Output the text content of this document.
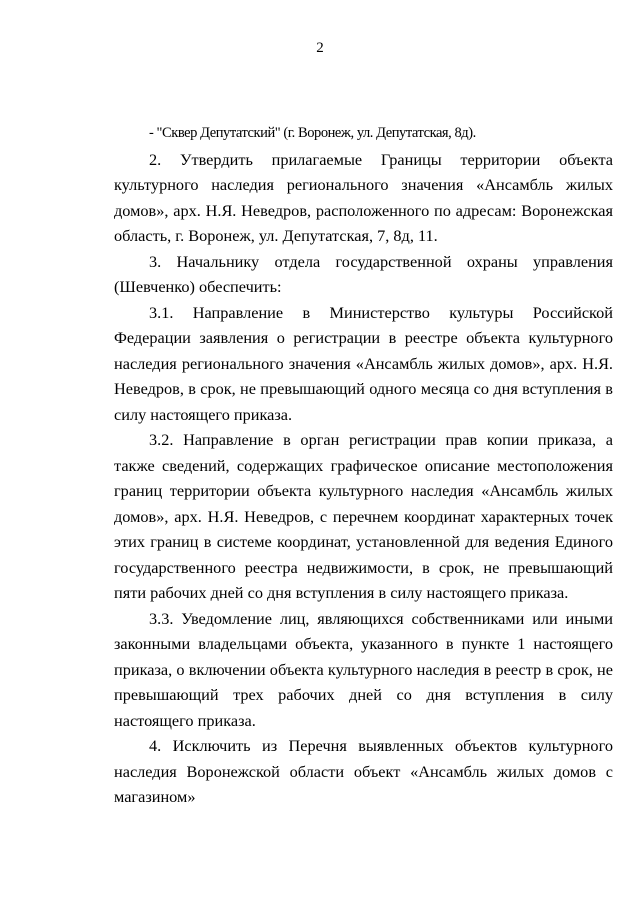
2

- "Сквер Депутатский" (г. Воронеж, ул. Депутатская, 8д).

2. Утвердить прилагаемые Границы территории объекта культурного наследия регионального значения «Ансамбль жилых домов», арх. Н.Я. Неведров, расположенного по адресам: Воронежская область, г. Воронеж, ул. Депутатская, 7, 8д, 11.

3. Начальнику отдела государственной охраны управления (Шевченко) обеспечить:

3.1. Направление в Министерство культуры Российской Федерации заявления о регистрации в реестре объекта культурного наследия регионального значения «Ансамбль жилых домов», арх. Н.Я. Неведров, в срок, не превышающий одного месяца со дня вступления в силу настоящего приказа.

3.2. Направление в орган регистрации прав копии приказа, а также сведений, содержащих графическое описание местоположения границ территории объекта культурного наследия «Ансамбль жилых домов», арх. Н.Я. Неведров, с перечнем координат характерных точек этих границ в системе координат, установленной для ведения Единого государственного реестра недвижимости, в срок, не превышающий пяти рабочих дней со дня вступления в силу настоящего приказа.

3.3. Уведомление лиц, являющихся собственниками или иными законными владельцами объекта, указанного в пункте 1 настоящего приказа, о включении объекта культурного наследия в реестр в срок, не превышающий трех рабочих дней со дня вступления в силу настоящего приказа.

4. Исключить из Перечня выявленных объектов культурного наследия Воронежской области объект «Ансамбль жилых домов с магазином»
